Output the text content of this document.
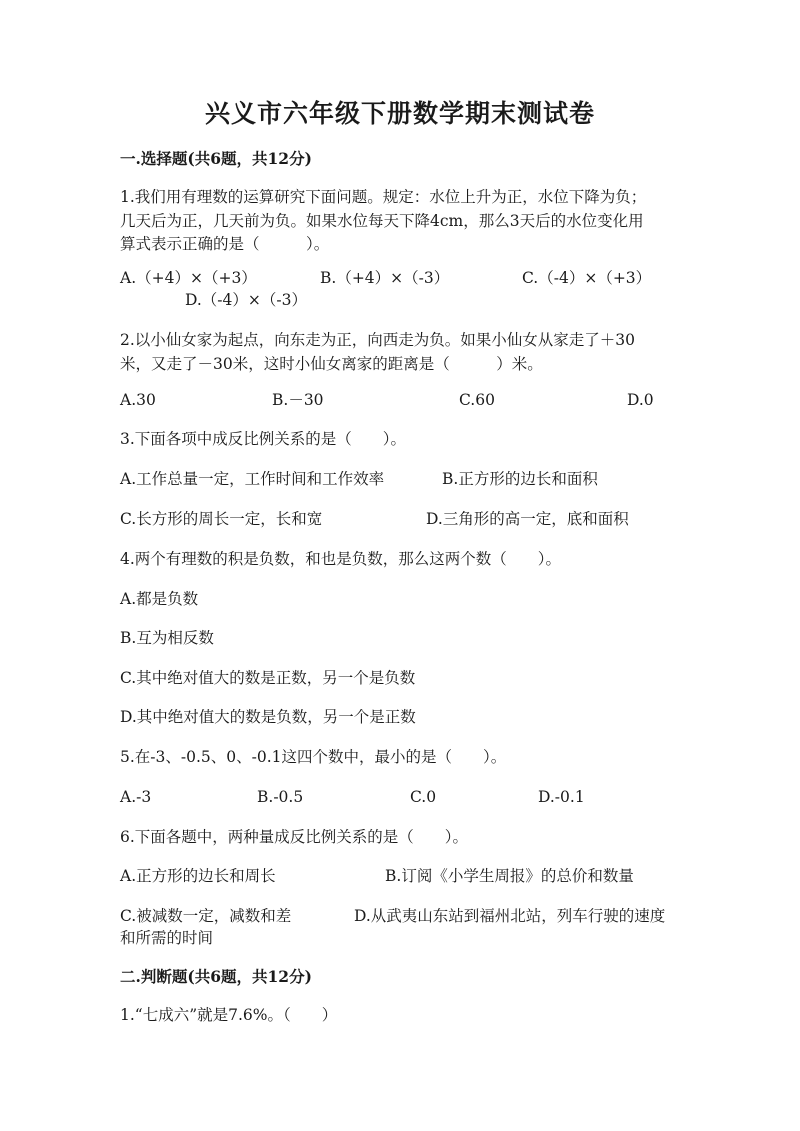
兴义市六年级下册数学期末测试卷
一.选择题(共6题，共12分)
1.我们用有理数的运算研究下面问题。规定：水位上升为正，水位下降为负；
几天后为正，几天前为负。如果水位每天下降4cm，那么3天后的水位变化用
算式表示正确的是（　　　）。
A.（+4）×（+3）	B.（+4）×（-3）	C.（-4）×（+3）
D.（-4）×（-3）
2.以小仙女家为起点，向东走为正，向西走为负。如果小仙女从家走了＋30
米，又走了－30米，这时小仙女离家的距离是（　　　）米。
A.30	B.－30	C.60	D.0
3.下面各项中成反比例关系的是（　　）。
A.工作总量一定，工作时间和工作效率	B.正方形的边长和面积
C.长方形的周长一定，长和宽	D.三角形的高一定，底和面积
4.两个有理数的积是负数，和也是负数，那么这两个数（　　）。
A.都是负数
B.互为相反数
C.其中绝对值大的数是正数，另一个是负数
D.其中绝对值大的数是负数，另一个是正数
5.在-3、-0.5、0、-0.1这四个数中，最小的是（　　）。
A.-3	B.-0.5	C.0	D.-0.1
6.下面各题中，两种量成反比例关系的是（　　）。
A.正方形的边长和周长	B.订阅《小学生周报》的总价和数量
C.被减数一定，减数和差	D.从武夷山东站到福州北站，列车行驶的速度
和所需的时间
二.判断题(共6题，共12分)
1.“七成六”就是7.6%。（　　）
